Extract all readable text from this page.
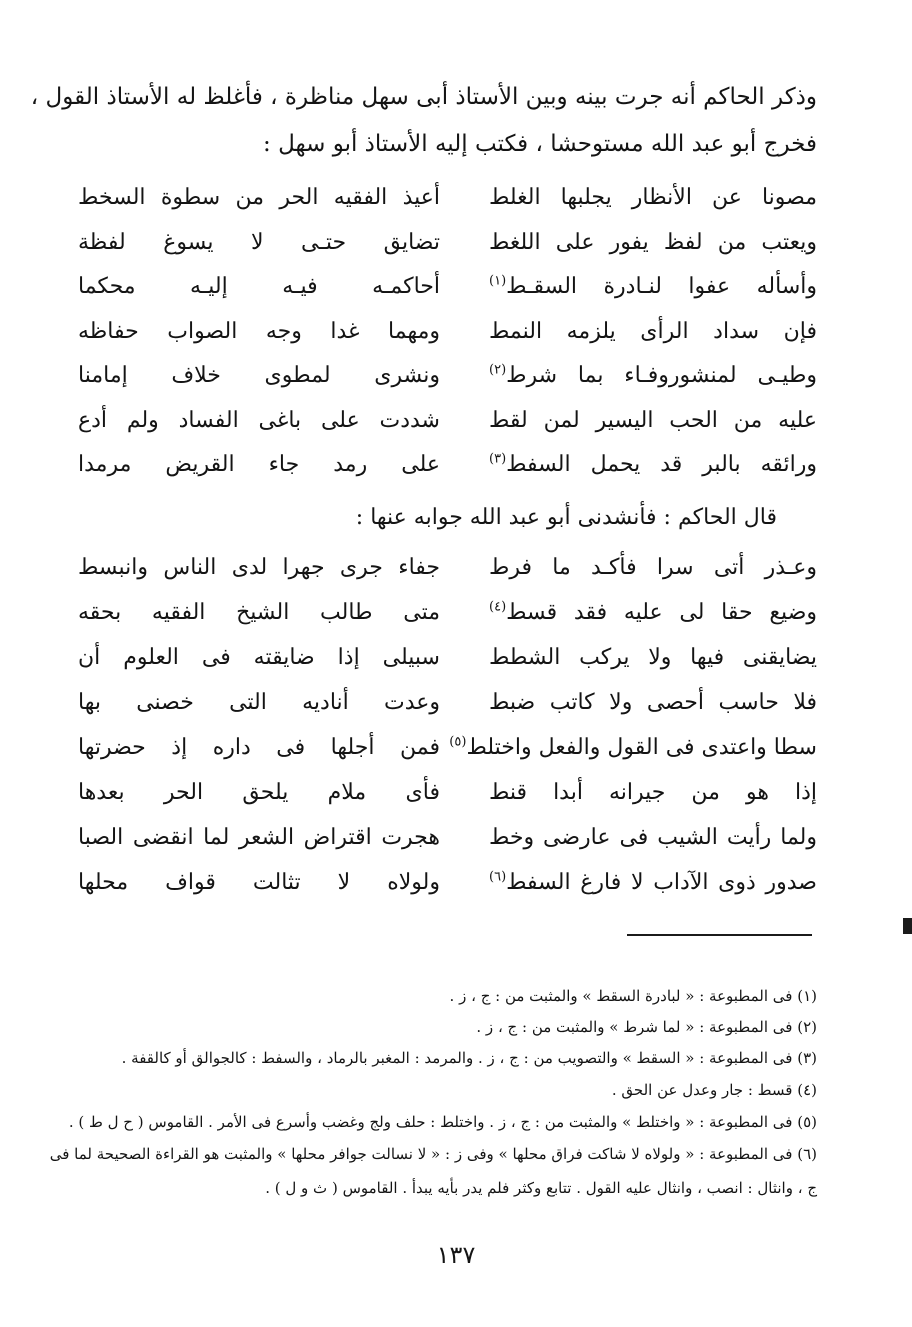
وذكر الحاكم أنه جرت بينه وبين الأستاذ أبى سهل مناظرة ، فأغلظ له الأستاذ القول ،
فخرج أبو عبد الله مستوحشا ، فكتب إليه الأستاذ أبو سهل :
أعيذ الفقيه الحر من سطوة السخط مصونا عن الأنظار يجلبها الغلط
تضايق حتـى لا يسوغ لفظة ويعتب من لفظ يفور على اللغط
أحاكمـه فيـه إليـه محكما	وأسأله عفوا لنـادرة السقـط$^{(١)}$
ومهما غدا وجه الصواب حفاظه فإن سداد الرأى يلزمه النمط
ونشرى لمطوى خلاف إمامنا	وطيـى لمنشوروفـاء بما شرط$^{(٢)}$
شددت على باغى الفساد ولم أدع عليه من الحب اليسير لمن لقط
على رمد جاء القريض مرمدا	ورائقه بالبر قد يحمل السفط$^{(٣)}$
قال الحاكم : فأنشدنى أبو عبد الله جوابه عنها :
جفاء جرى جهرا لدى الناس وانبسط وعـذر أتى سرا فأكـد ما فرط
متى طالب الشيخ الفقيه بحقه	وضيع حقا لى عليه فقد قسط$^{(٤)}$
سبيلى إذا ضايقته فى العلوم أن يضايقنى فيها ولا يركب الشطط
وعدت أناديه التى خصنى بها فلا حاسب أحصى ولا كاتب ضبط
فمن أجلها فى داره إذ حضرتها سطا واعتدى فى القول والفعل واختلط$^{(٥)}$
فأى ملام يلحق الحر بعدها إذا هو من جيرانه أبدا قنط
هجرت اقتراض الشعر لما انقضى الصبا ولما رأيت الشيب فى عارضى وخط
ولولاه لا تثالت قواف محلها	صدور ذوى الآداب لا فارغ السفط$^{(٦)}$
(١) فى المطبوعة : « لبادرة السقط » والمثبت من : ج ، ز .
(٢) فى المطبوعة : « لما شرط » والمثبت من : ج ، ز .
(٣) فى المطبوعة : « السقط » والتصويب من : ج ، ز . والمرمد : المغبر بالرماد ، والسفط : كالجوالق أو كالقفة .
(٤) قسط : جار وعدل عن الحق .
(٥) فى المطبوعة : « واختلط » والمثبت من : ج ، ز . واختلط : حلف ولج وغضب وأسرع فى الأمر . القاموس ( ح ل ط ) .
(٦) فى المطبوعة : « ولولاه لا شاكت فراق محلها » وفى ز : « لا نسالت جوافر محلها » والمثبت هو القراءة الصحيحة لما فى
ج ، وانثال : انصب ، وانثال عليه القول . تتابع وكثر فلم يدر بأيه يبدأ . القاموس ( ث و ل ) .
١٣٧
